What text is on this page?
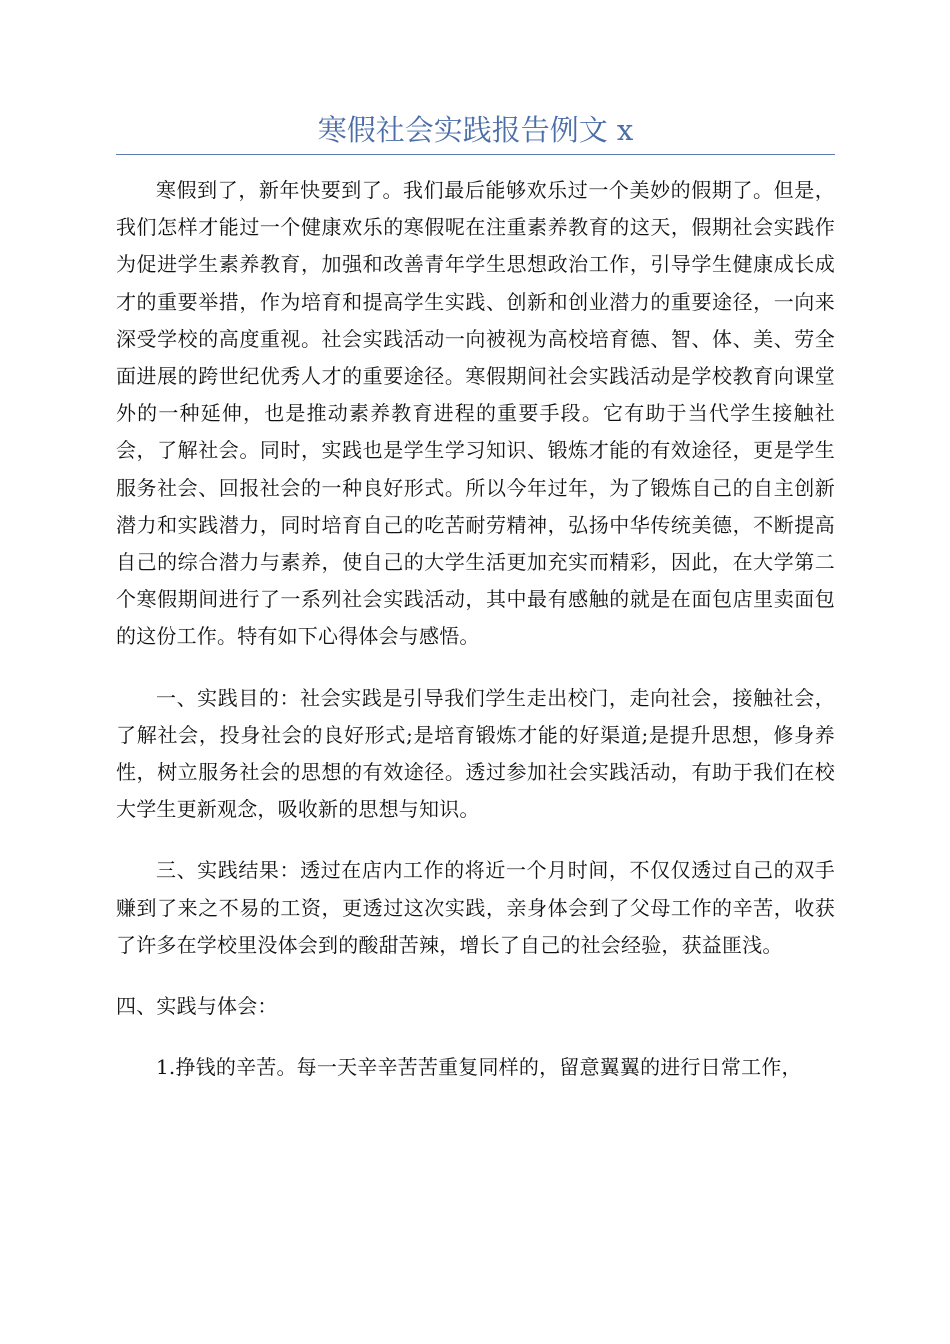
寒假社会实践报告例文 x

寒假到了，新年快要到了。我们最后能够欢乐过一个美妙的假期了。但是，我们怎样才能过一个健康欢乐的寒假呢在注重素养教育的这天，假期社会实践作为促进学生素养教育，加强和改善青年学生思想政治工作，引导学生健康成长成才的重要举措，作为培育和提高学生实践、创新和创业潜力的重要途径，一向来深受学校的高度重视。社会实践活动一向被视为高校培育德、智、体、美、劳全面进展的跨世纪优秀人才的重要途径。寒假期间社会实践活动是学校教育向课堂外的一种延伸，也是推动素养教育进程的重要手段。它有助于当代学生接触社会，了解社会。同时，实践也是学生学习知识、锻炼才能的有效途径，更是学生服务社会、回报社会的一种良好形式。所以今年过年，为了锻炼自己的自主创新潜力和实践潜力，同时培育自己的吃苦耐劳精神，弘扬中华传统美德，不断提高自己的综合潜力与素养，使自己的大学生活更加充实而精彩，因此，在大学第二个寒假期间进行了一系列社会实践活动，其中最有感触的就是在面包店里卖面包的这份工作。特有如下心得体会与感悟。

一、实践目的：社会实践是引导我们学生走出校门，走向社会，接触社会，了解社会，投身社会的良好形式;是培育锻炼才能的好渠道;是提升思想，修身养性，树立服务社会的思想的有效途径。透过参加社会实践活动，有助于我们在校大学生更新观念，吸收新的思想与知识。

三、实践结果：透过在店内工作的将近一个月时间，不仅仅透过自己的双手赚到了来之不易的工资，更透过这次实践，亲身体会到了父母工作的辛苦，收获了许多在学校里没体会到的酸甜苦辣，增长了自己的社会经验，获益匪浅。

四、实践与体会：

1.挣钱的辛苦。每一天辛辛苦苦重复同样的，留意翼翼的进行日常工作，
